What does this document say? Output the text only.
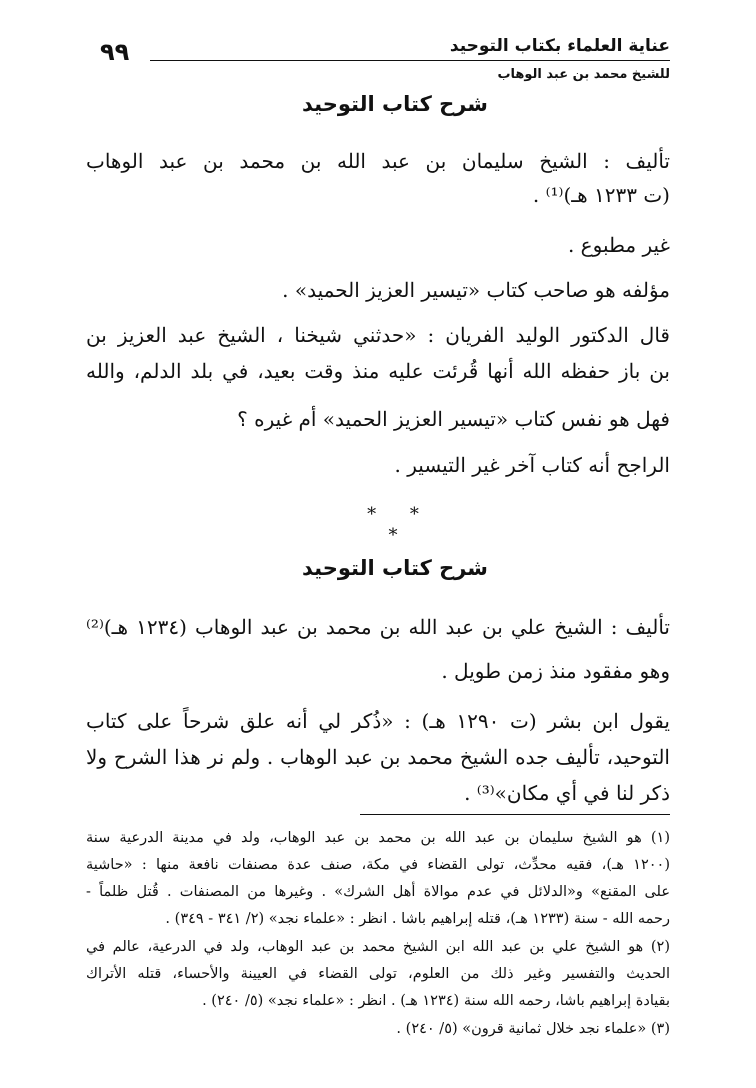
عناية العلماء بكتاب التوحيد
للشيخ محمد بن عبد الوهاب
٩٩
شرح كتاب التوحيد
تأليف : الشيخ سليمان بن عبد الله بن محمد بن عبد الوهاب
(ت ١٢٣٣ هـ)⁽¹⁾ .
غير مطبوع .
مؤلفه هو صاحب كتاب «تيسير العزيز الحميد» .
قال الدكتور الوليد الفريان : «حدثني شيخنا ، الشيخ عبد العزيز بن
بن باز حفظه الله أنها قُرئت عليه منذ وقت بعيد، في بلد الدلم، والله
فهل هو نفس كتاب «تيسير العزيز الحميد» أم غيره ؟
الراجح أنه كتاب آخر غير التيسير .
* * *
شرح كتاب التوحيد
تأليف : الشيخ علي بن عبد الله بن محمد بن عبد الوهاب (١٢٣٤ هـ)⁽²⁾
وهو مفقود منذ زمن طويل .
يقول ابن بشر (ت ١٢٩٠ هـ) : «ذُكر لي أنه علق شرحاً على كتاب
التوحيد، تأليف جده الشيخ محمد بن عبد الوهاب . ولم نر هذا الشرح ولا
ذكر لنا في أي مكان»⁽³⁾ .
(١) هو الشيخ سليمان بن عبد الله بن محمد بن عبد الوهاب، ولد في مدينة الدرعية سنة
(١٢٠٠ هـ)، فقيه محدِّث، تولى القضاء في مكة، صنف عدة مصنفات نافعة منها : «حاشية
على المقنع» و«الدلائل في عدم موالاة أهل الشرك» . وغيرها من المصنفات . قُتل ظلماً -
رحمه الله - سنة (١٢٣٣ هـ)، قتله إبراهيم باشا . انظر : «علماء نجد» (٢/ ٣٤١ - ٣٤٩) .
(٢) هو الشيخ علي بن عبد الله ابن الشيخ محمد بن عبد الوهاب، ولد في الدرعية، عالم في
الحديث والتفسير وغير ذلك من العلوم، تولى القضاء في العيينة والأحساء، قتله الأتراك
بقيادة إبراهيم باشا، رحمه الله سنة (١٢٣٤ هـ) . انظر : «علماء نجد» (٥/ ٢٤٠) .
(٣) «علماء نجد خلال ثمانية قرون» (٥/ ٢٤٠) .
